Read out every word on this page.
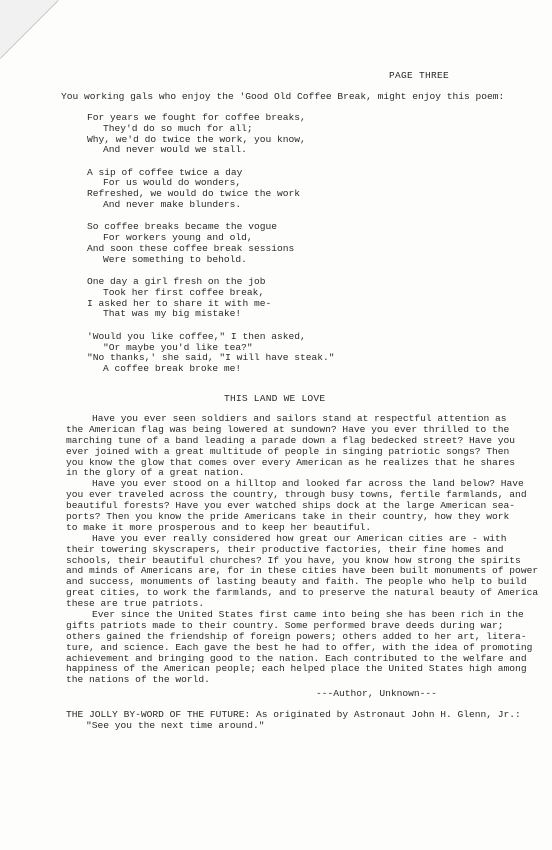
PAGE THREE
You working gals who enjoy the 'Good Old Coffee Break, might enjoy this poem:
For years we fought for coffee breaks,
They'd do so much for all;
Why, we'd do twice the work, you know,
And never would we stall.
A sip of coffee twice a day
For us would do wonders,
Refreshed, we would do twice the work
And never make blunders.
So coffee breaks became the vogue
For workers young and old,
And soon these coffee break sessions
Were something to behold.
One day a girl fresh on the job
Took her first coffee break,
I asked her to share it with me-
That was my big mistake!
'Would you like coffee," I then asked,
"Or maybe you'd like tea?"
"No thanks,' she said, "I will have steak."
A coffee break broke me!
THIS LAND WE LOVE
Have you ever seen soldiers and sailors stand at respectful attention as
the American flag was being lowered at sundown? Have you ever thrilled to the
marching tune of a band leading a parade down a flag bedecked street? Have you
ever joined with a great multitude of people in singing patriotic songs? Then
you know the glow that comes over every American as he realizes that he shares
in the glory of a great nation.
Have you ever stood on a hilltop and looked far across the land below? Have
you ever traveled across the country, through busy towns, fertile farmlands, and
beautiful forests? Have you ever watched ships dock at the large American sea-
ports? Then you know the pride Americans take in their country, how they work
to make it more prosperous and to keep her beautiful.
Have you ever really considered how great our American cities are - with
their towering skyscrapers, their productive factories, their fine homes and
schools, their beautiful churches? If you have, you know how strong the spirits
and minds of Americans are, for in these cities have been built monuments of power
and success, monuments of lasting beauty and faith. The people who help to build
great cities, to work the farmlands, and to preserve the natural beauty of America
these are true patriots.
Ever since the United States first came into being she has been rich in the
gifts patriots made to their country. Some performed brave deeds during war;
others gained the friendship of foreign powers; others added to her art, litera-
ture, and science. Each gave the best he had to offer, with the idea of promoting
achievement and bringing good to the nation. Each contributed to the welfare and
happiness of the American people; each helped place the United States high among
the nations of the world.
---Author, Unknown---
THE JOLLY BY-WORD OF THE FUTURE: As originated by Astronaut John H. Glenn, Jr.:
"See you the next time around."
